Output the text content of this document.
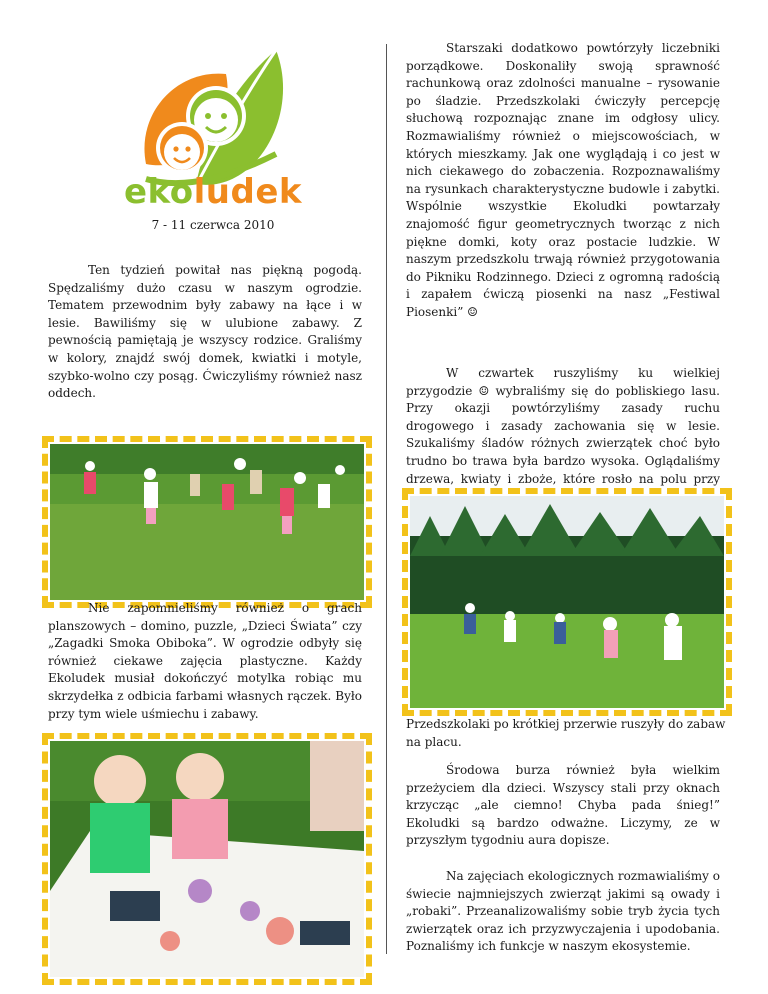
ekoludek
7 - 11 czerwca 2010

Ten tydzień powitał nas piękną pogodą. Spędzaliśmy dużo czasu w naszym ogrodzie. Tematem przewodnim były zabawy na łące i w lesie. Bawiliśmy się w ulubione zabawy. Z pewnością pamiętają je wszyscy rodzice. Graliśmy w kolory, znajdź swój domek, kwiatki i motyle, szybko-wolno czy posąg. Ćwiczyliśmy również nasz oddech.

Nie zapomnieliśmy również o grach planszowych – domino, puzzle, „Dzieci Świata” czy „Zagadki Smoka Obiboka”. W ogrodzie odbyły się również ciekawe zajęcia plastyczne. Każdy Ekoludek musiał dokończyć motylka robiąc mu skrzydełka z odbicia farbami własnych rączek. Było przy tym wiele uśmiechu i zabawy.

Starszaki dodatkowo powtórzyły liczebniki porządkowe. Doskonaliły swoją sprawność rachunkową oraz zdolności manualne – rysowanie po śladzie. Przedszkolaki ćwiczyły percepcję słuchową rozpoznając znane im odgłosy ulicy. Rozmawialiśmy również o miejscowościach, w których mieszkamy. Jak one wyglądają i co jest w nich ciekawego do zobaczenia. Rozpoznawaliśmy na rysunkach charakterystyczne budowle i zabytki. Wspólnie wszystkie Ekoludki powtarzały znajomość figur geometrycznych tworząc z nich piękne domki, koty oraz postacie ludzkie. W naszym przedszkolu trwają również przygotowania do Pikniku Rodzinnego. Dzieci z ogromną radością i zapałem ćwiczą piosenki na nasz „Festiwal Piosenki” ☺

W czwartek ruszyliśmy ku wielkiej przygodzie ☺ wybraliśmy się do pobliskiego lasu. Przy okazji powtórzyliśmy zasady ruchu drogowego i zasady zachowania się w lesie. Szukaliśmy śladów różnych zwierzątek choć było trudno bo trawa była bardzo wysoka. Oglądaliśmy drzewa, kwiaty i zboże, które rosło na polu przy

Przedszkolaki po krótkiej przerwie ruszyły do zabaw na placu.

Środowa burza również była wielkim przeżyciem dla dzieci. Wszyscy stali przy oknach krzycząc „ale ciemno! Chyba pada śnieg!” Ekoludki są bardzo odważne. Liczymy, ze w przyszłym tygodniu aura dopisze.

Na zajęciach ekologicznych rozmawialiśmy o świecie najmniejszych zwierząt jakimi są owady i „robaki”. Przeanalizowaliśmy sobie tryb życia tych zwierzątek oraz ich przyzwyczajenia i upodobania. Poznaliśmy ich funkcje w naszym ekosystemie.
